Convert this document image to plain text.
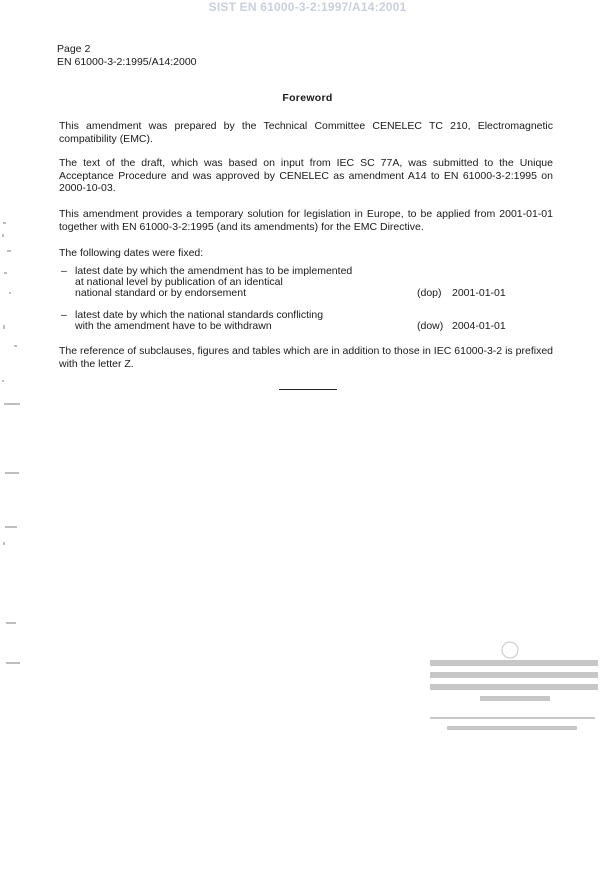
SIST EN 61000-3-2:1997/A14:2001
Page 2
EN 61000-3-2:1995/A14:2000
Foreword
This amendment was prepared by the Technical Committee CENELEC TC 210, Electromagnetic compatibility (EMC).
The text of the draft, which was based on input from IEC SC 77A, was submitted to the Unique Acceptance Procedure and was approved by CENELEC as amendment A14 to EN 61000-3-2:1995 on 2000-10-03.
This amendment provides a temporary solution for legislation in Europe, to be applied from 2001-01-01 together with EN 61000-3-2:1995 (and its amendments) for the EMC Directive.
The following dates were fixed:
– latest date by which the amendment has to be implemented
at national level by publication of an identical
national standard or by endorsement	(dop) 2001-01-01
– latest date by which the national standards conflicting
with the amendment have to be withdrawn	(dow) 2004-01-01
The reference of subclauses, figures and tables which are in addition to those in IEC 61000-3-2 is prefixed with the letter Z.
